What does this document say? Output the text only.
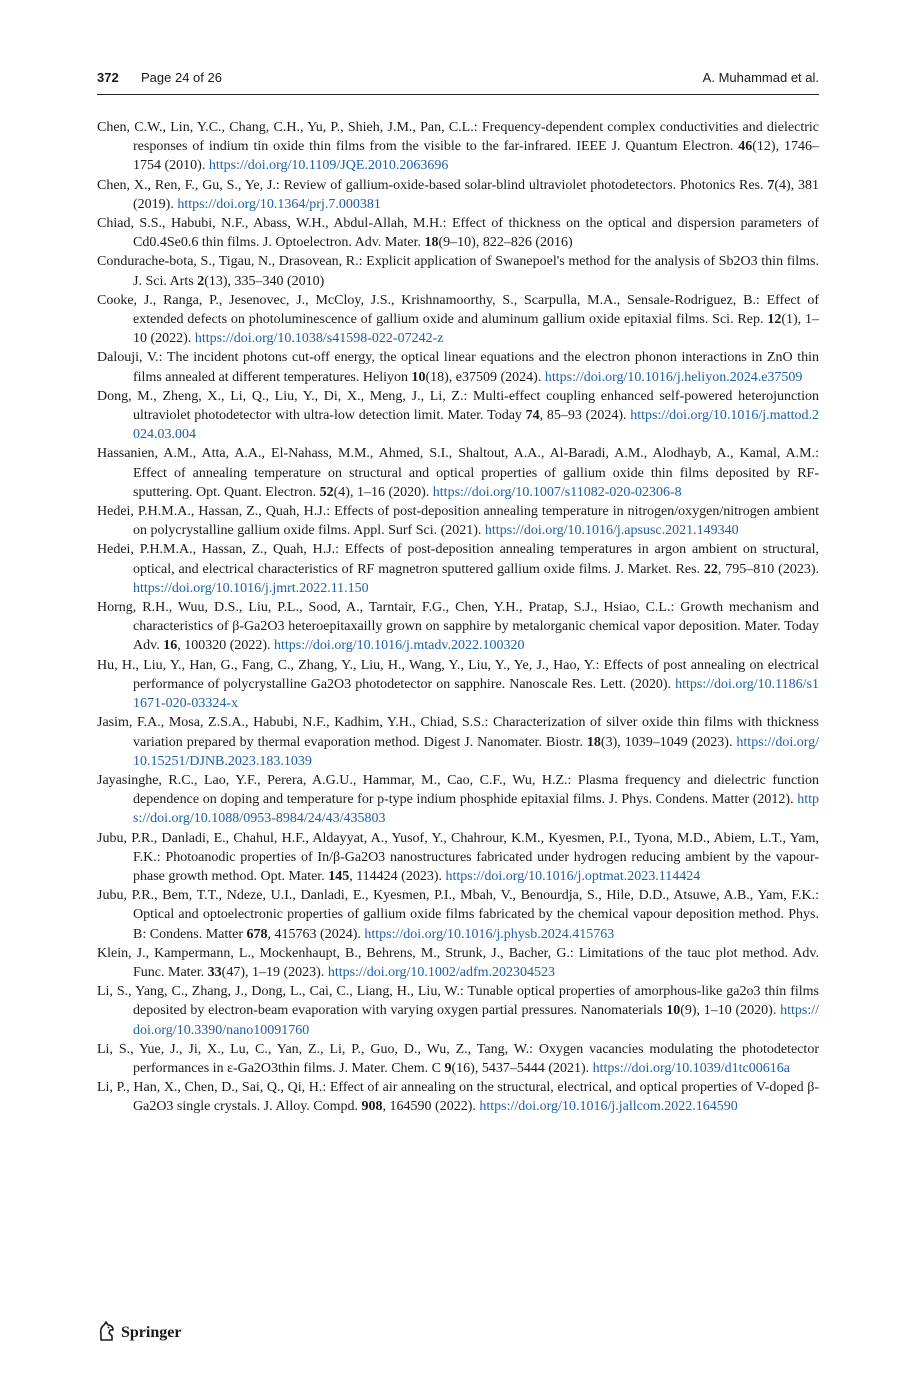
372 Page 24 of 26	A. Muhammad et al.

Chen, C.W., Lin, Y.C., Chang, C.H., Yu, P., Shieh, J.M., Pan, C.L.: Frequency-dependent complex conductivities and dielectric responses of indium tin oxide thin films from the visible to the far-infrared. IEEE J. Quantum Electron. 46(12), 1746–1754 (2010). https://doi.org/10.1109/JQE.2010.2063696

Chen, X., Ren, F., Gu, S., Ye, J.: Review of gallium-oxide-based solar-blind ultraviolet photodetectors. Photonics Res. 7(4), 381 (2019). https://doi.org/10.1364/prj.7.000381

Chiad, S.S., Habubi, N.F., Abass, W.H., Abdul-Allah, M.H.: Effect of thickness on the optical and dispersion parameters of Cd0.4Se0.6 thin films. J. Optoelectron. Adv. Mater. 18(9–10), 822–826 (2016)

Condurache-bota, S., Tigau, N., Drasovean, R.: Explicit application of Swanepoel's method for the analysis of Sb2O3 thin films. J. Sci. Arts 2(13), 335–340 (2010)

Cooke, J., Ranga, P., Jesenovec, J., McCloy, J.S., Krishnamoorthy, S., Scarpulla, M.A., Sensale-Rodriguez, B.: Effect of extended defects on photoluminescence of gallium oxide and aluminum gallium oxide epitaxial films. Sci. Rep. 12(1), 1–10 (2022). https://doi.org/10.1038/s41598-022-07242-z

Dalouji, V.: The incident photons cut-off energy, the optical linear equations and the electron phonon interactions in ZnO thin films annealed at different temperatures. Heliyon 10(18), e37509 (2024). https://doi.org/10.1016/j.heliyon.2024.e37509

Dong, M., Zheng, X., Li, Q., Liu, Y., Di, X., Meng, J., Li, Z.: Multi-effect coupling enhanced self-powered heterojunction ultraviolet photodetector with ultra-low detection limit. Mater. Today 74, 85–93 (2024). https://doi.org/10.1016/j.mattod.2024.03.004

Hassanien, A.M., Atta, A.A., El-Nahass, M.M., Ahmed, S.I., Shaltout, A.A., Al-Baradi, A.M., Alodhayb, A., Kamal, A.M.: Effect of annealing temperature on structural and optical properties of gallium oxide thin films deposited by RF-sputtering. Opt. Quant. Electron. 52(4), 1–16 (2020). https://doi.org/10.1007/s11082-020-02306-8

Hedei, P.H.M.A., Hassan, Z., Quah, H.J.: Effects of post-deposition annealing temperature in nitrogen/oxygen/nitrogen ambient on polycrystalline gallium oxide films. Appl. Surf Sci. (2021). https://doi.org/10.1016/j.apsusc.2021.149340

Hedei, P.H.M.A., Hassan, Z., Quah, H.J.: Effects of post-deposition annealing temperatures in argon ambient on structural, optical, and electrical characteristics of RF magnetron sputtered gallium oxide films. J. Market. Res. 22, 795–810 (2023). https://doi.org/10.1016/j.jmrt.2022.11.150

Horng, R.H., Wuu, D.S., Liu, P.L., Sood, A., Tarntair, F.G., Chen, Y.H., Pratap, S.J., Hsiao, C.L.: Growth mechanism and characteristics of β-Ga2O3 heteroepitaxailly grown on sapphire by metalorganic chemical vapor deposition. Mater. Today Adv. 16, 100320 (2022). https://doi.org/10.1016/j.mtadv.2022.100320

Hu, H., Liu, Y., Han, G., Fang, C., Zhang, Y., Liu, H., Wang, Y., Liu, Y., Ye, J., Hao, Y.: Effects of post annealing on electrical performance of polycrystalline Ga2O3 photodetector on sapphire. Nanoscale Res. Lett. (2020). https://doi.org/10.1186/s11671-020-03324-x

Jasim, F.A., Mosa, Z.S.A., Habubi, N.F., Kadhim, Y.H., Chiad, S.S.: Characterization of silver oxide thin films with thickness variation prepared by thermal evaporation method. Digest J. Nanomater. Biostr. 18(3), 1039–1049 (2023). https://doi.org/10.15251/DJNB.2023.183.1039

Jayasinghe, R.C., Lao, Y.F., Perera, A.G.U., Hammar, M., Cao, C.F., Wu, H.Z.: Plasma frequency and dielectric function dependence on doping and temperature for p-type indium phosphide epitaxial films. J. Phys. Condens. Matter (2012). https://doi.org/10.1088/0953-8984/24/43/435803

Jubu, P.R., Danladi, E., Chahul, H.F., Aldayyat, A., Yusof, Y., Chahrour, K.M., Kyesmen, P.I., Tyona, M.D., Abiem, L.T., Yam, F.K.: Photoanodic properties of In/β-Ga2O3 nanostructures fabricated under hydrogen reducing ambient by the vapour-phase growth method. Opt. Mater. 145, 114424 (2023). https://doi.org/10.1016/j.optmat.2023.114424

Jubu, P.R., Bem, T.T., Ndeze, U.I., Danladi, E., Kyesmen, P.I., Mbah, V., Benourdja, S., Hile, D.D., Atsuwe, A.B., Yam, F.K.: Optical and optoelectronic properties of gallium oxide films fabricated by the chemical vapour deposition method. Phys. B: Condens. Matter 678, 415763 (2024). https://doi.org/10.1016/j.physb.2024.415763

Klein, J., Kampermann, L., Mockenhaupt, B., Behrens, M., Strunk, J., Bacher, G.: Limitations of the tauc plot method. Adv. Func. Mater. 33(47), 1–19 (2023). https://doi.org/10.1002/adfm.202304523

Li, S., Yang, C., Zhang, J., Dong, L., Cai, C., Liang, H., Liu, W.: Tunable optical properties of amorphous-like ga2o3 thin films deposited by electron-beam evaporation with varying oxygen partial pressures. Nanomaterials 10(9), 1–10 (2020). https://doi.org/10.3390/nano10091760

Li, S., Yue, J., Ji, X., Lu, C., Yan, Z., Li, P., Guo, D., Wu, Z., Tang, W.: Oxygen vacancies modulating the photodetector performances in ε-Ga2O3thin films. J. Mater. Chem. C 9(16), 5437–5444 (2021). https://doi.org/10.1039/d1tc00616a

Li, P., Han, X., Chen, D., Sai, Q., Qi, H.: Effect of air annealing on the structural, electrical, and optical properties of V-doped β-Ga2O3 single crystals. J. Alloy. Compd. 908, 164590 (2022). https://doi.org/10.1016/j.jallcom.2022.164590

Springer
